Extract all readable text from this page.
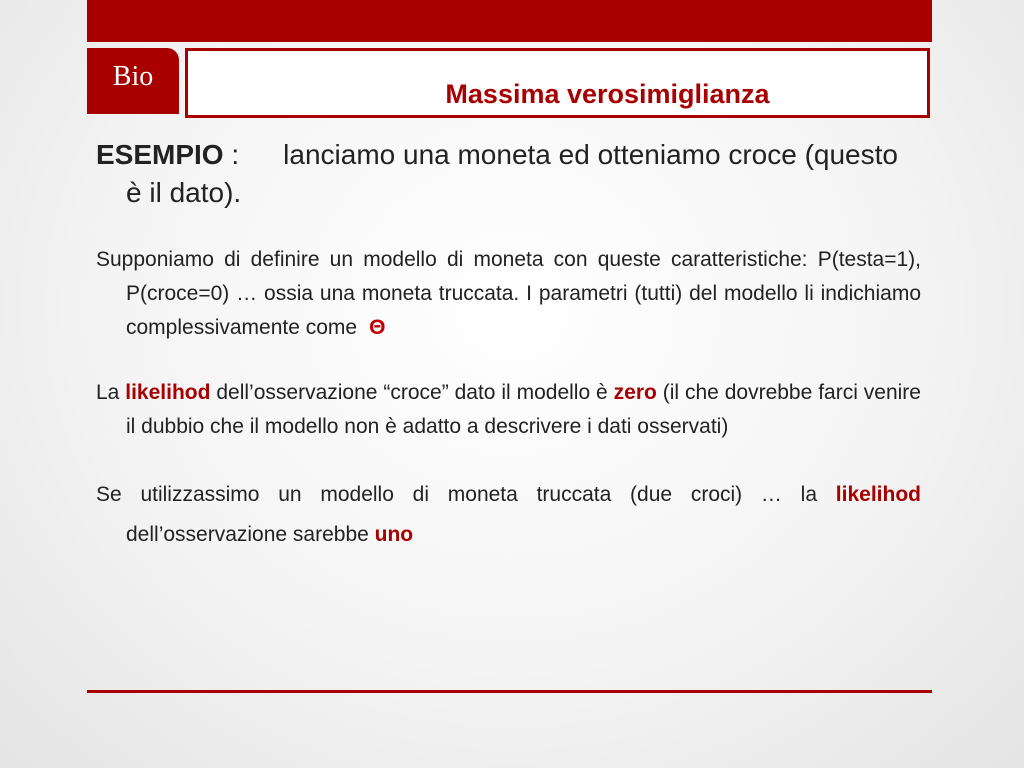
Bio
Massima verosimiglianza
ESEMPIO : lanciamo una moneta ed otteniamo croce (questo è il dato).
Supponiamo di definire un modello di moneta con queste caratteristiche: P(testa=1), P(croce=0) … ossia una moneta truccata. I parametri (tutti) del modello li indichiamo complessivamente come Θ
La likelihod dell’osservazione “croce” dato il modello è zero (il che dovrebbe farci venire il dubbio che il modello non è adatto a descrivere i dati osservati)
Se utilizzassimo un modello di moneta truccata (due croci) … la likelihod dell’osservazione sarebbe uno
